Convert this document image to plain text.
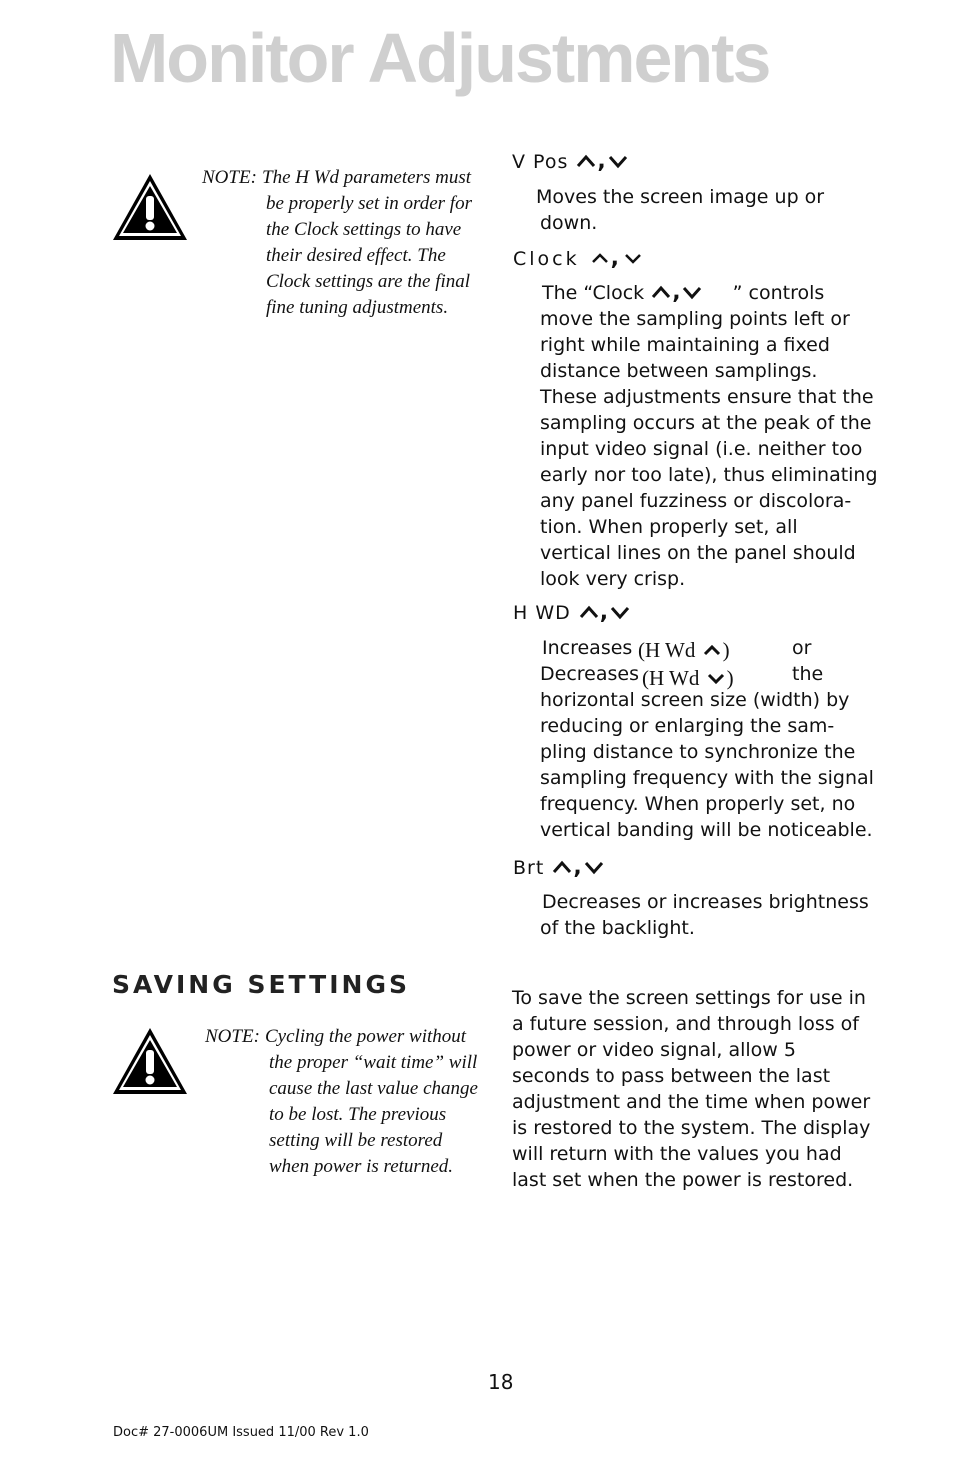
Monitor Adjustments
NOTE: The H Wd parameters must
be properly set in order for
the Clock settings to have
their desired effect. The
Clock settings are the final
fine tuning adjustments.
V Pos ,
Moves the screen image up or
down.
Clock ,
The “Clock ,	” controls
move the sampling points left or
right while maintaining a fixed
distance between samplings.
These adjustments ensure that the
sampling occurs at the peak of the
input video signal (i.e. neither too
early nor too late), thus eliminating
any panel fuzziness or discolora-
tion. When properly set, all
vertical lines on the panel should
look very crisp.
H WD ,
Increases (H Wd )	or
Decreases (H Wd )	the
horizontal screen size (width) by
reducing or enlarging the sam-
pling distance to synchronize the
sampling frequency with the signal
frequency. When properly set, no
vertical banding will be noticeable.
Brt ,
Decreases or increases brightness
of the backlight.
SAVING SETTINGS
NOTE: Cycling the power without
the proper “wait time” will
cause the last value change
to be lost. The previous
setting will be restored
when power is returned.
To save the screen settings for use in
a future session, and through loss of
power or video signal, allow 5
seconds to pass between the last
adjustment and the time when power
is restored to the system. The display
will return with the values you had
last set when the power is restored.
18
Doc# 27-0006UM Issued 11/00 Rev 1.0
